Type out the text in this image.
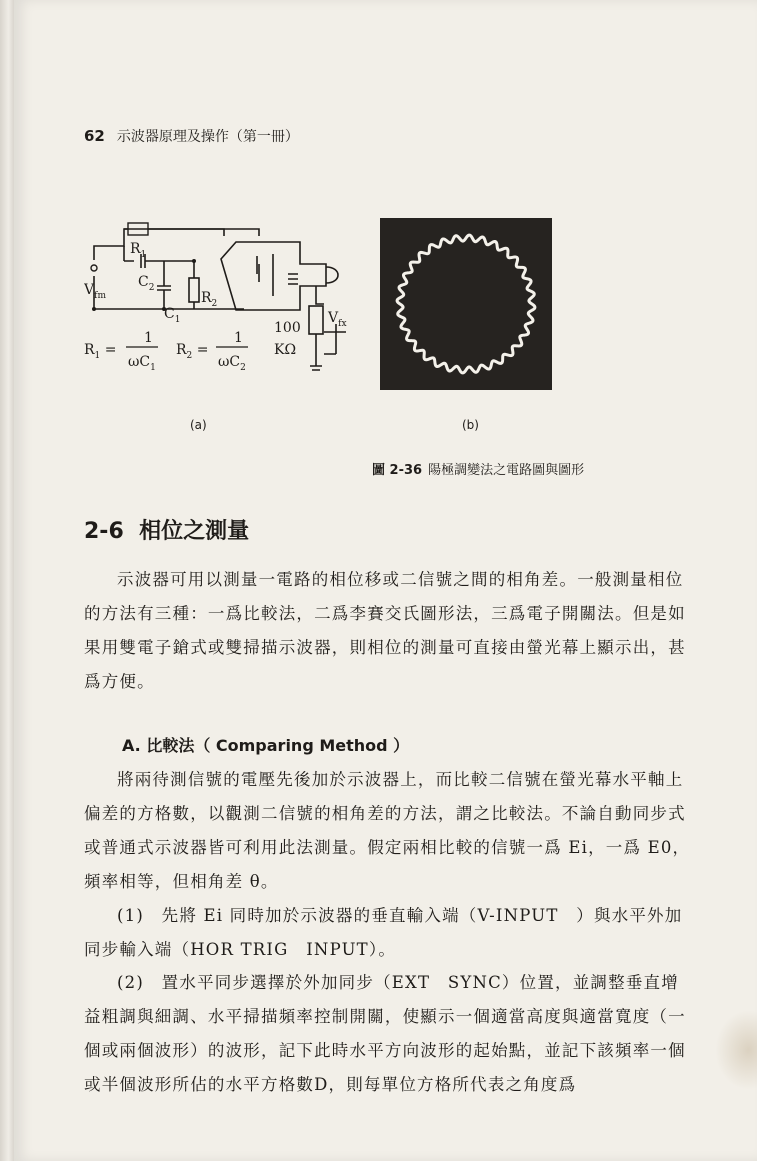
62 示波器原理及操作（第一冊）
$R_1$
$C_2$
$C_1$
$R_2$
$V_{fm}$
100
KΩ
$V_{fx}$
$R_1$ =
1
$\omega C_1$
$R_2$ =
1
$\omega C_2$
(a)	(b)
圖 2-36 陽極調變法之電路圖與圖形
2-6 相位之測量
示波器可用以測量一電路的相位移或二信號之間的相角差。一般測量相位的方法有三種：一爲比較法，二爲李賽交氏圖形法，三爲電子開關法。但是如果用雙電子鎗式或雙掃描示波器，則相位的測量可直接由螢光幕上顯示出，甚爲方便。
A. 比較法（ Comparing Method ）
將兩待測信號的電壓先後加於示波器上，而比較二信號在螢光幕水平軸上偏差的方格數，以觀測二信號的相角差的方法，謂之比較法。不論自動同步式或普通式示波器皆可利用此法測量。假定兩相比較的信號一爲 Ei，一爲 E0，頻率相等，但相角差 θ。
(1)　先將 Ei 同時加於示波器的垂直輸入端（V-INPUT　）與水平外加同步輸入端（HOR TRIG　INPUT）。
(2)　置水平同步選擇於外加同步（EXT　SYNC）位置，並調整垂直增益粗調與細調、水平掃描頻率控制開關，使顯示一個適當高度與適當寬度（一個或兩個波形）的波形，記下此時水平方向波形的起始點，並記下該頻率一個或半個波形所佔的水平方格數D，則每單位方格所代表之角度爲
